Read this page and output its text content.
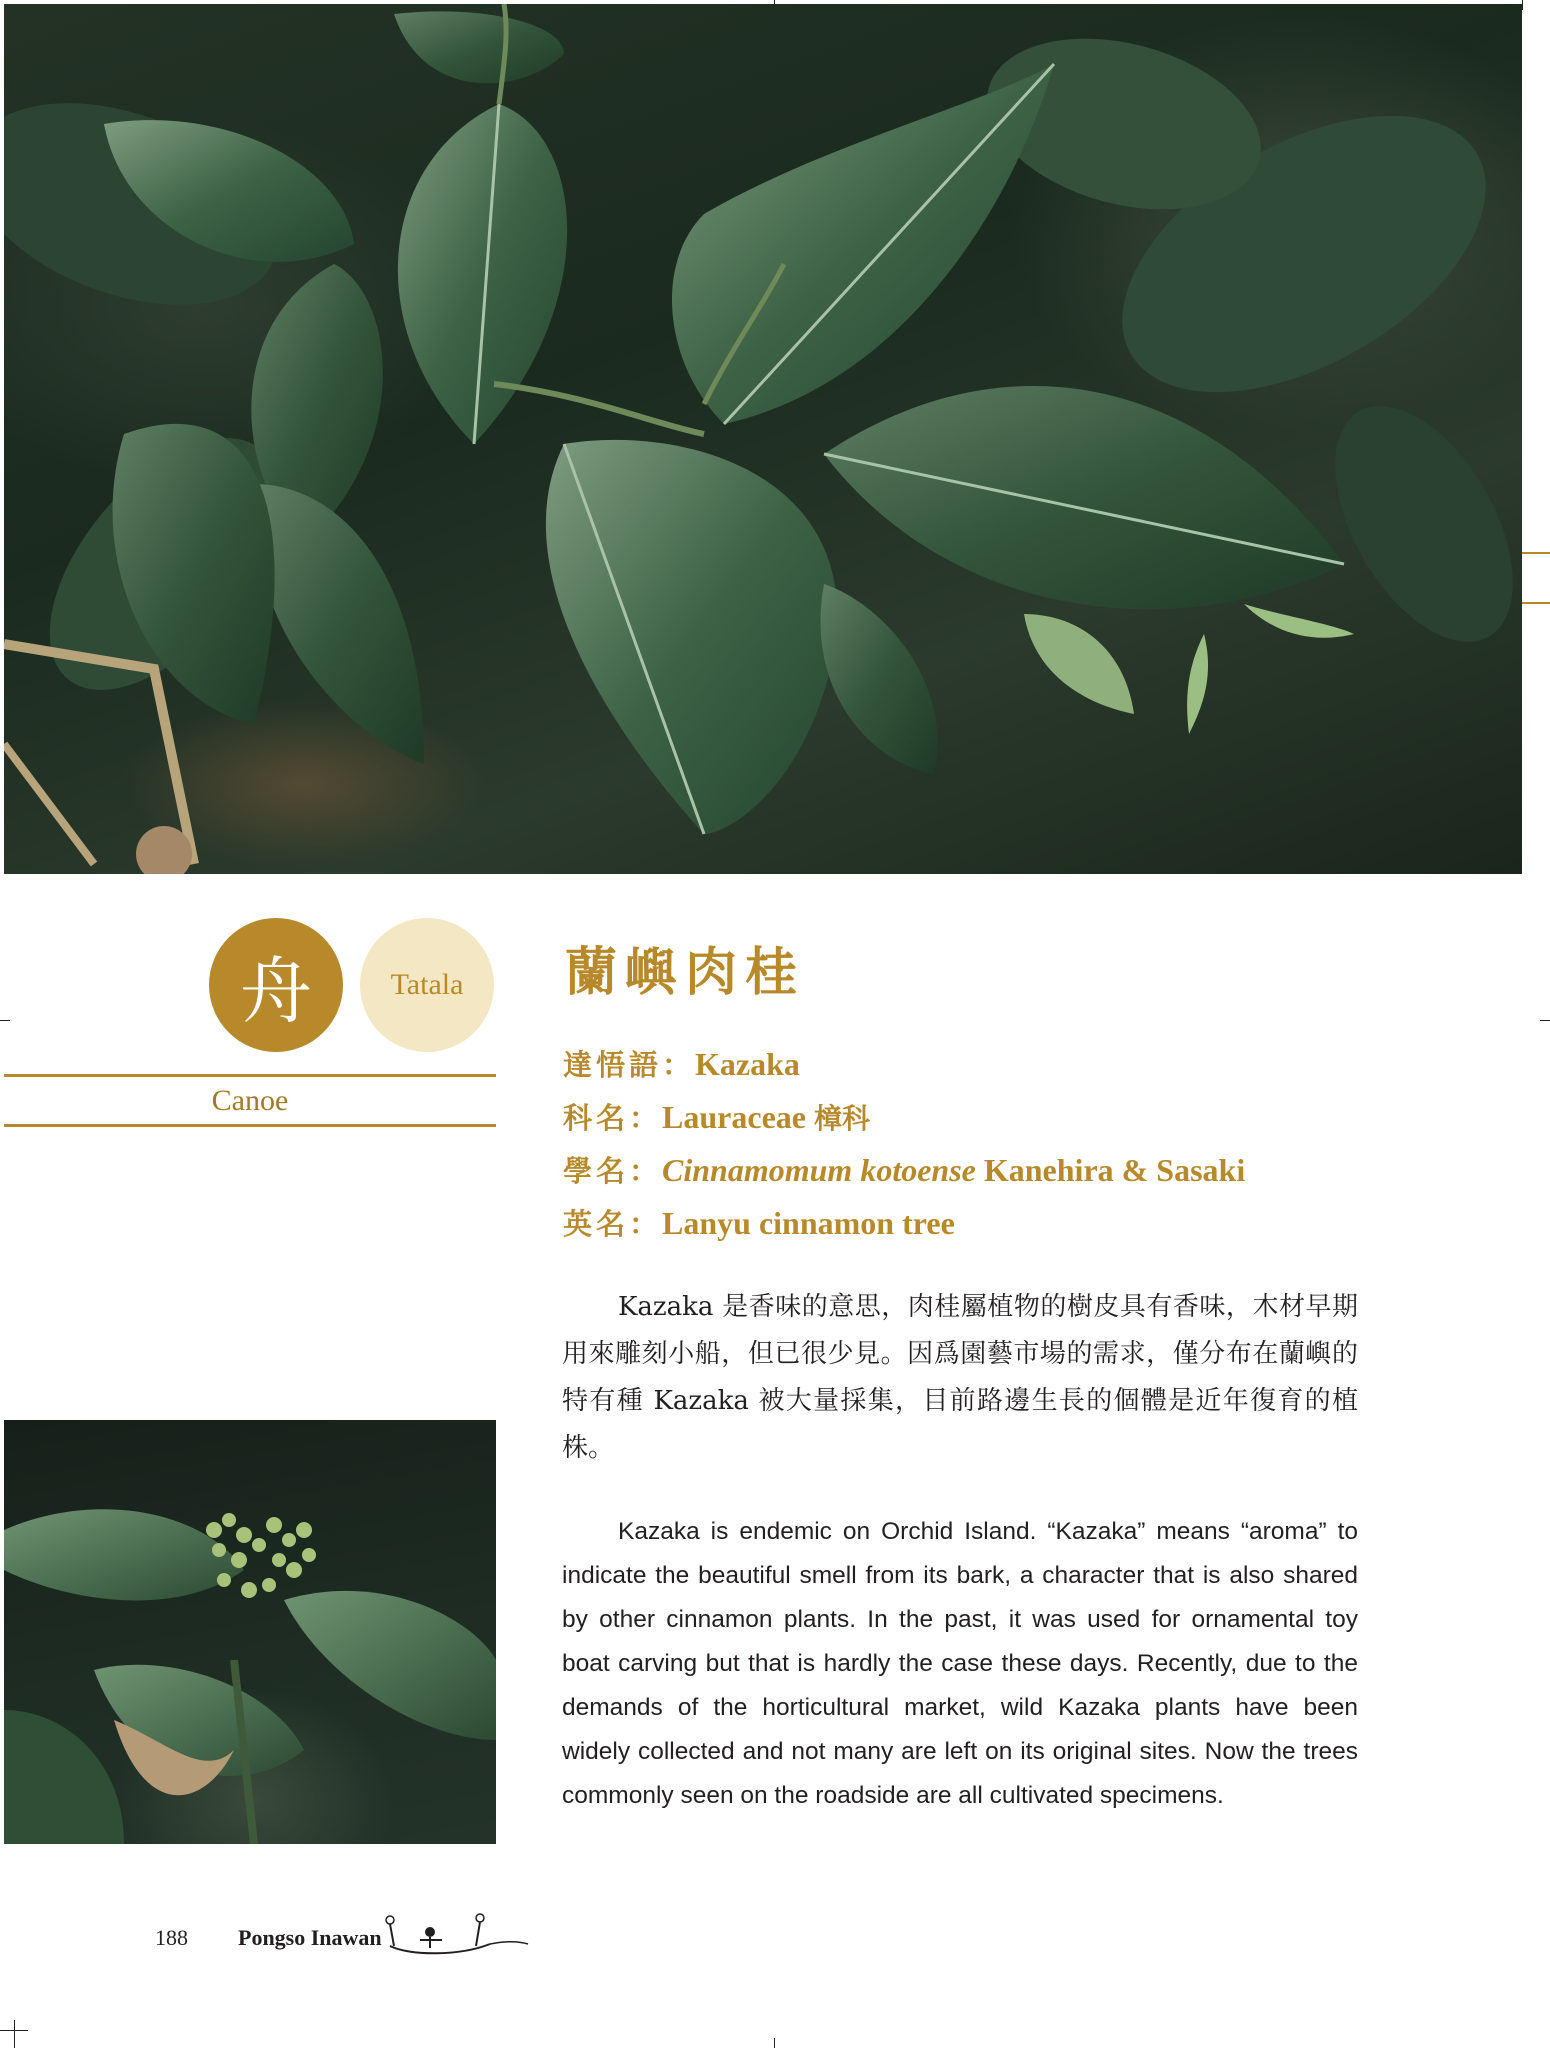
舟	Tatala
Canoe
蘭嶼肉桂
達悟語：Kazaka
科名：Lauraceae 樟科
學名：Cinnamomum kotoense Kanehira & Sasaki
英名：Lanyu cinnamon tree
Kazaka 是香味的意思，肉桂屬植物的樹皮具有香味，木材早期用來雕刻小船，但已很少見。因爲園藝市場的需求，僅分布在蘭嶼的特有種 Kazaka 被大量採集，目前路邊生長的個體是近年復育的植株。
Kazaka is endemic on Orchid Island. “Kazaka” means “aroma” to indicate the beautiful smell from its bark, a character that is also shared by other cinnamon plants. In the past, it was used for ornamental toy boat carving but that is hardly the case these days. Recently, due to the demands of the horticultural market, wild Kazaka plants have been widely collected and not many are left on its original sites. Now the trees commonly seen on the roadside are all cultivated specimens.
188 Pongso Inawan
